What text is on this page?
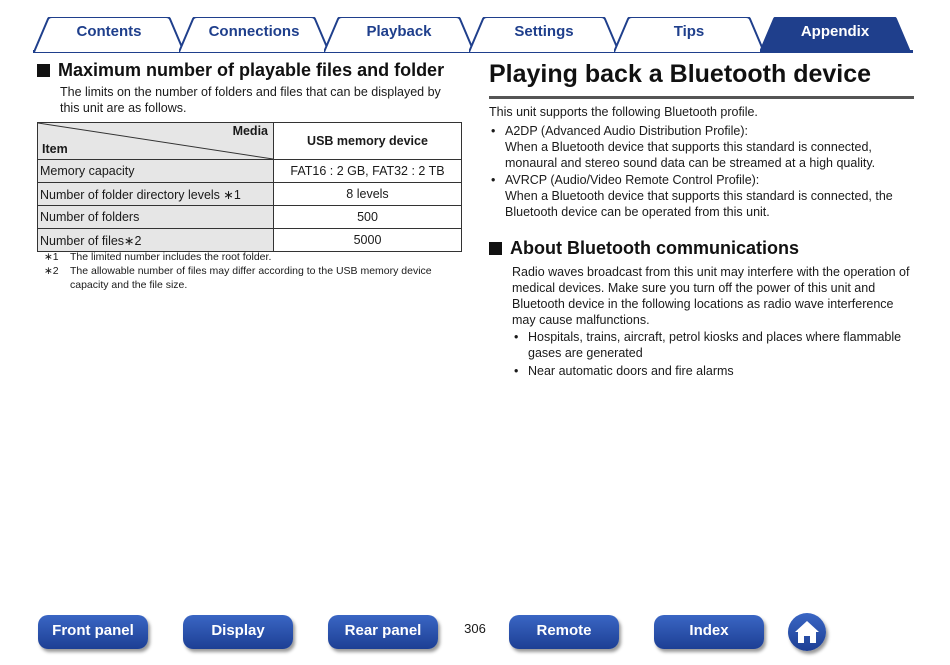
Contents	Connections	Playback	Settings	Tips	Appendix
Maximum number of playable files and folder
The limits on the number of folders and files that can be displayed by this unit are as follows.
Media
Item	USB memory device
Memory capacity	FAT16 : 2 GB, FAT32 : 2 TB
Number of folder directory levels ∗1	8 levels
Number of folders	500
Number of files∗2	5000
∗1	The limited number includes the root folder.
∗2	The allowable number of files may differ according to the USB memory device capacity and the file size.
Playing back a Bluetooth device
This unit supports the following Bluetooth profile.
• A2DP (Advanced Audio Distribution Profile):
When a Bluetooth device that supports this standard is connected, monaural and stereo sound data can be streamed at a high quality.
• AVRCP (Audio/Video Remote Control Profile):
When a Bluetooth device that supports this standard is connected, the Bluetooth device can be operated from this unit.
About Bluetooth communications
Radio waves broadcast from this unit may interfere with the operation of medical devices. Make sure you turn off the power of this unit and Bluetooth device in the following locations as radio wave interference may cause malfunctions.
• Hospitals, trains, aircraft, petrol kiosks and places where flammable gases are generated
• Near automatic doors and fire alarms
Front panel	Display	Rear panel	306	Remote	Index
